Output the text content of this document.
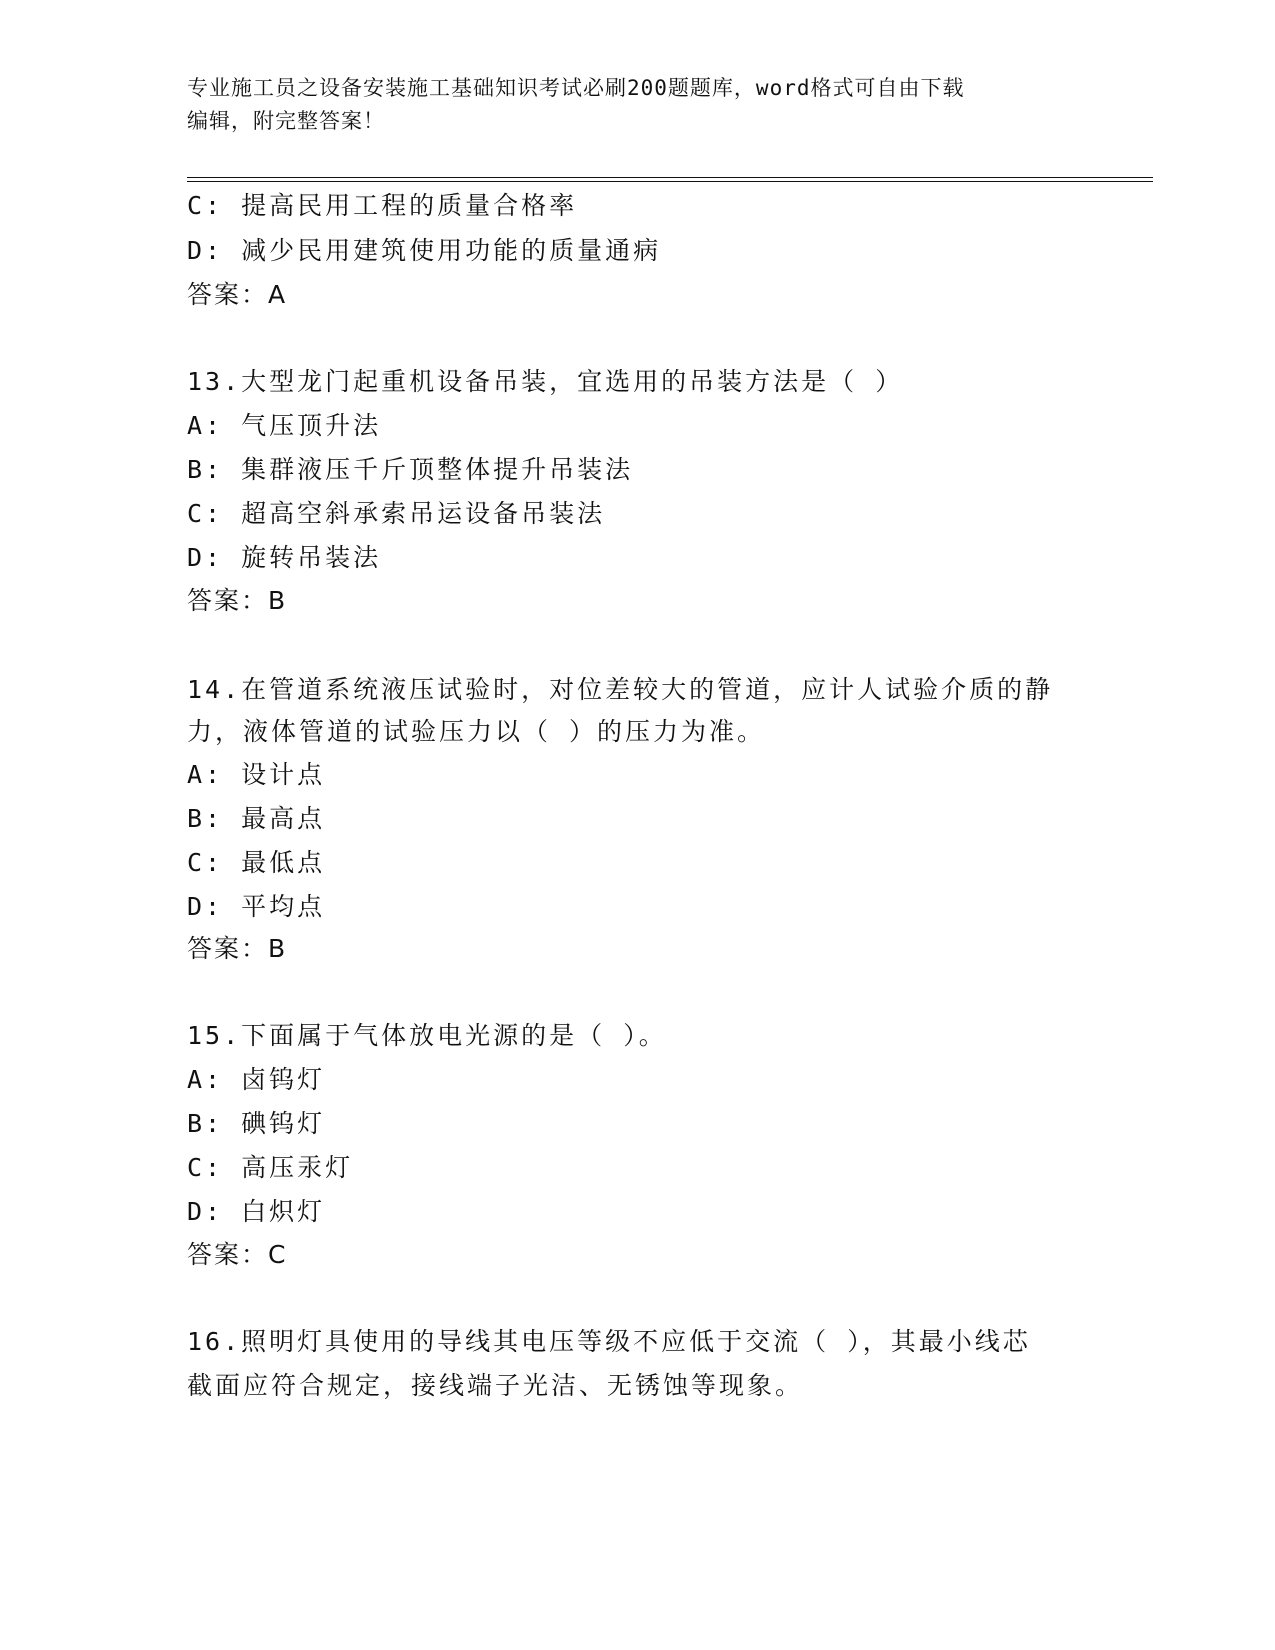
专业施工员之设备安装施工基础知识考试必刷200题题库，word格式可自由下载
编辑，附完整答案！
C: 提高民用工程的质量合格率
D: 减少民用建筑使用功能的质量通病
答案：A
13.大型龙门起重机设备吊装，宜选用的吊装方法是（ ）
A: 气压顶升法
B: 集群液压千斤顶整体提升吊装法
C: 超高空斜承索吊运设备吊装法
D: 旋转吊装法
答案：B
14.在管道系统液压试验时，对位差较大的管道，应计人试验介质的静
力，液体管道的试验压力以（ ）的压力为准。
A: 设计点
B: 最高点
C: 最低点
D: 平均点
答案：B
15.下面属于气体放电光源的是（ ）。
A: 卤钨灯
B: 碘钨灯
C: 高压汞灯
D: 白炽灯
答案：C
16.照明灯具使用的导线其电压等级不应低于交流（ ），其最小线芯
截面应符合规定，接线端子光洁、无锈蚀等现象。
